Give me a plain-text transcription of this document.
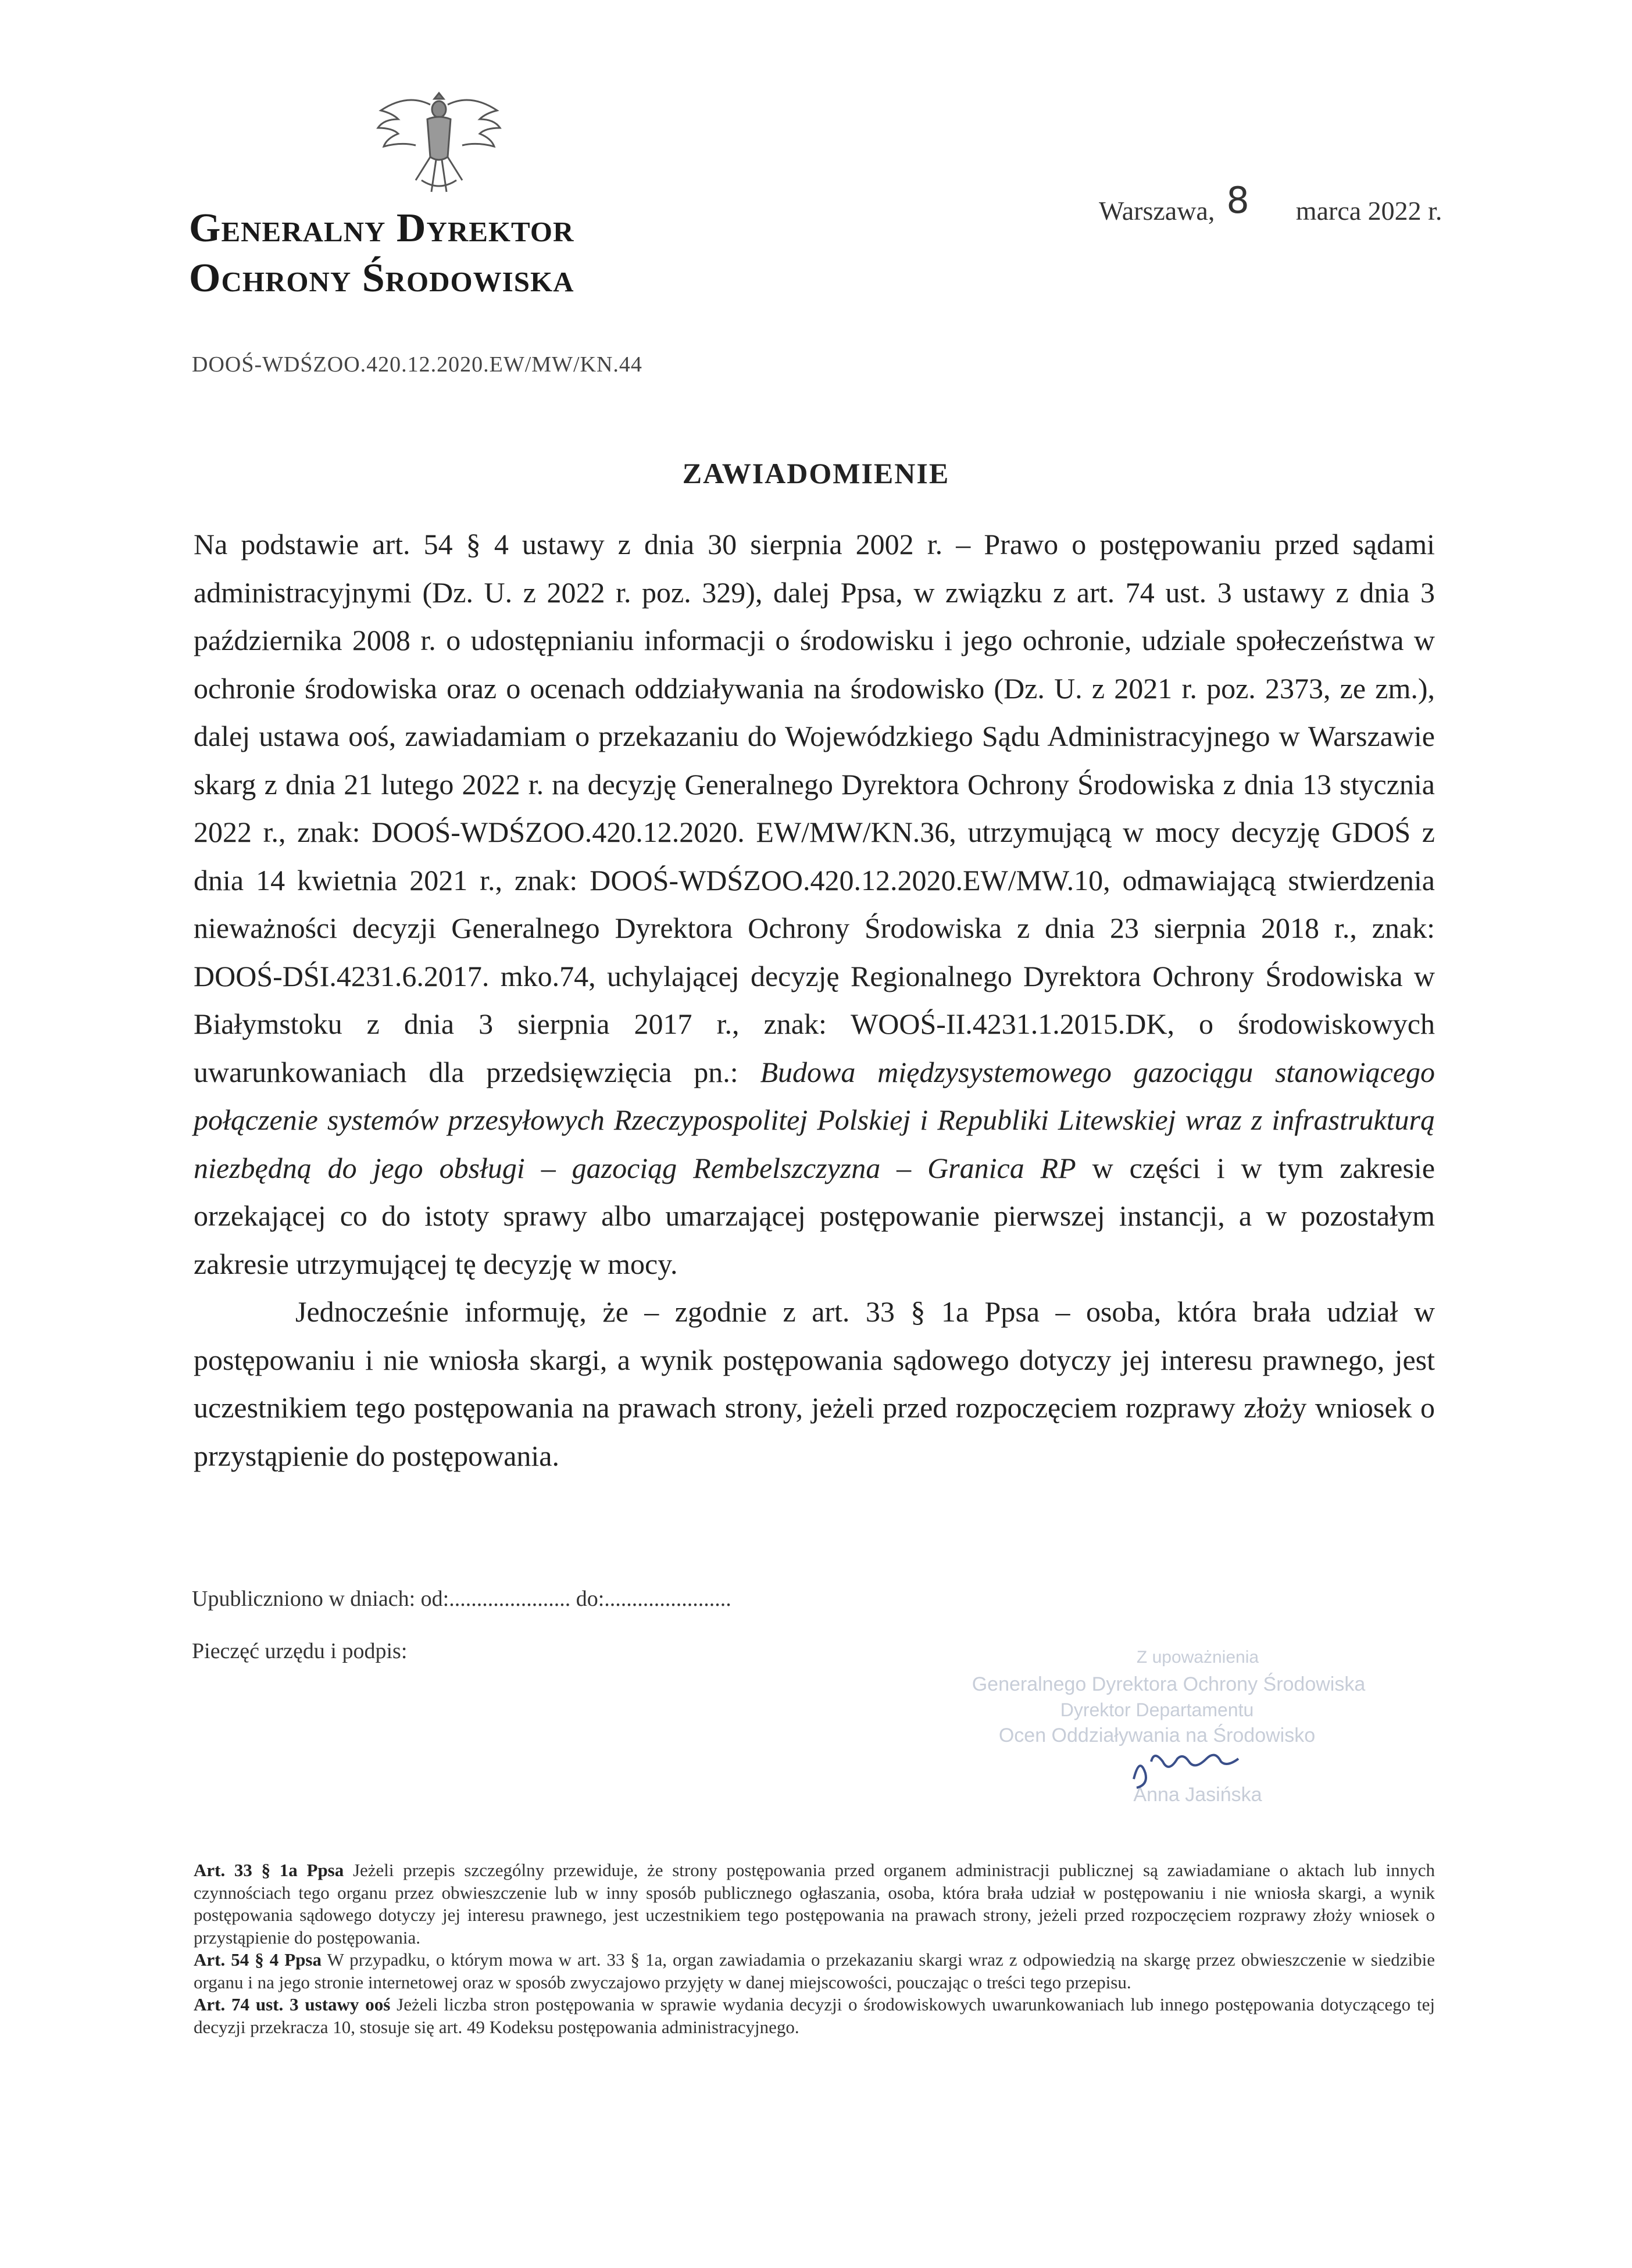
Generalny Dyrektor
Ochrony Środowiska
Warszawa, 8 marca 2022 r.
DOOŚ-WDŚZOO.420.12.2020.EW/MW/KN.44
ZAWIADOMIENIE

Na podstawie art. 54 § 4 ustawy z dnia 30 sierpnia 2002 r. – Prawo o postępowaniu przed sądami administracyjnymi (Dz. U. z 2022 r. poz. 329), dalej Ppsa, w związku z art. 74 ust. 3 ustawy z dnia 3 października 2008 r. o udostępnianiu informacji o środowisku i jego ochronie, udziale społeczeństwa w ochronie środowiska oraz o ocenach oddziaływania na środowisko (Dz. U. z 2021 r. poz. 2373, ze zm.), dalej ustawa ooś, zawiadamiam o przekazaniu do Wojewódzkiego Sądu Administracyjnego w Warszawie skarg z dnia 21 lutego 2022 r. na decyzję Generalnego Dyrektora Ochrony Środowiska z dnia 13 stycznia 2022 r., znak: DOOŚ-WDŚZOO.420.12.2020. EW/MW/KN.36, utrzymującą w mocy decyzję GDOŚ z dnia 14 kwietnia 2021 r., znak: DOOŚ-WDŚZOO.420.12.2020.EW/MW.10, odmawiającą stwierdzenia nieważności decyzji Generalnego Dyrektora Ochrony Środowiska z dnia 23 sierpnia 2018 r., znak: DOOŚ-DŚI.4231.6.2017. mko.74, uchylającej decyzję Regionalnego Dyrektora Ochrony Środowiska w Białymstoku z dnia 3 sierpnia 2017 r., znak: WOOŚ-II.4231.1.2015.DK, o środowiskowych uwarunkowaniach dla przedsięwzięcia pn.: Budowa międzysystemowego gazociągu stanowiącego połączenie systemów przesyłowych Rzeczypospolitej Polskiej i Republiki Litewskiej wraz z infrastrukturą niezbędną do jego obsługi – gazociąg Rembelszczyzna – Granica RP w części i w tym zakresie orzekającej co do istoty sprawy albo umarzającej postępowanie pierwszej instancji, a w pozostałym zakresie utrzymującej tę decyzję w mocy.

Jednocześnie informuję, że – zgodnie z art. 33 § 1a Ppsa – osoba, która brała udział w postępowaniu i nie wniosła skargi, a wynik postępowania sądowego dotyczy jej interesu prawnego, jest uczestnikiem tego postępowania na prawach strony, jeżeli przed rozpoczęciem rozprawy złoży wniosek o przystąpienie do postępowania.

Upubliczniono w dniach: od:...................... do:.......................
Pieczęć urzędu i podpis:	Z upoważnienia
Generalnego Dyrektora Ochrony Środowiska
Dyrektor Departamentu
Ocen Oddziaływania na Środowisko
Anna Jasińska

Art. 33 § 1a Ppsa Jeżeli przepis szczególny przewiduje, że strony postępowania przed organem administracji publicznej są zawiadamiane o aktach lub innych czynnościach tego organu przez obwieszczenie lub w inny sposób publicznego ogłaszania, osoba, która brała udział w postępowaniu i nie wniosła skargi, a wynik postępowania sądowego dotyczy jej interesu prawnego, jest uczestnikiem tego postępowania na prawach strony, jeżeli przed rozpoczęciem rozprawy złoży wniosek o przystąpienie do postępowania.

Art. 54 § 4 Ppsa W przypadku, o którym mowa w art. 33 § 1a, organ zawiadamia o przekazaniu skargi wraz z odpowiedzią na skargę przez obwieszczenie w siedzibie organu i na jego stronie internetowej oraz w sposób zwyczajowo przyjęty w danej miejscowości, pouczając o treści tego przepisu.

Art. 74 ust. 3 ustawy ooś Jeżeli liczba stron postępowania w sprawie wydania decyzji o środowiskowych uwarunkowaniach lub innego postępowania dotyczącego tej decyzji przekracza 10, stosuje się art. 49 Kodeksu postępowania administracyjnego.
